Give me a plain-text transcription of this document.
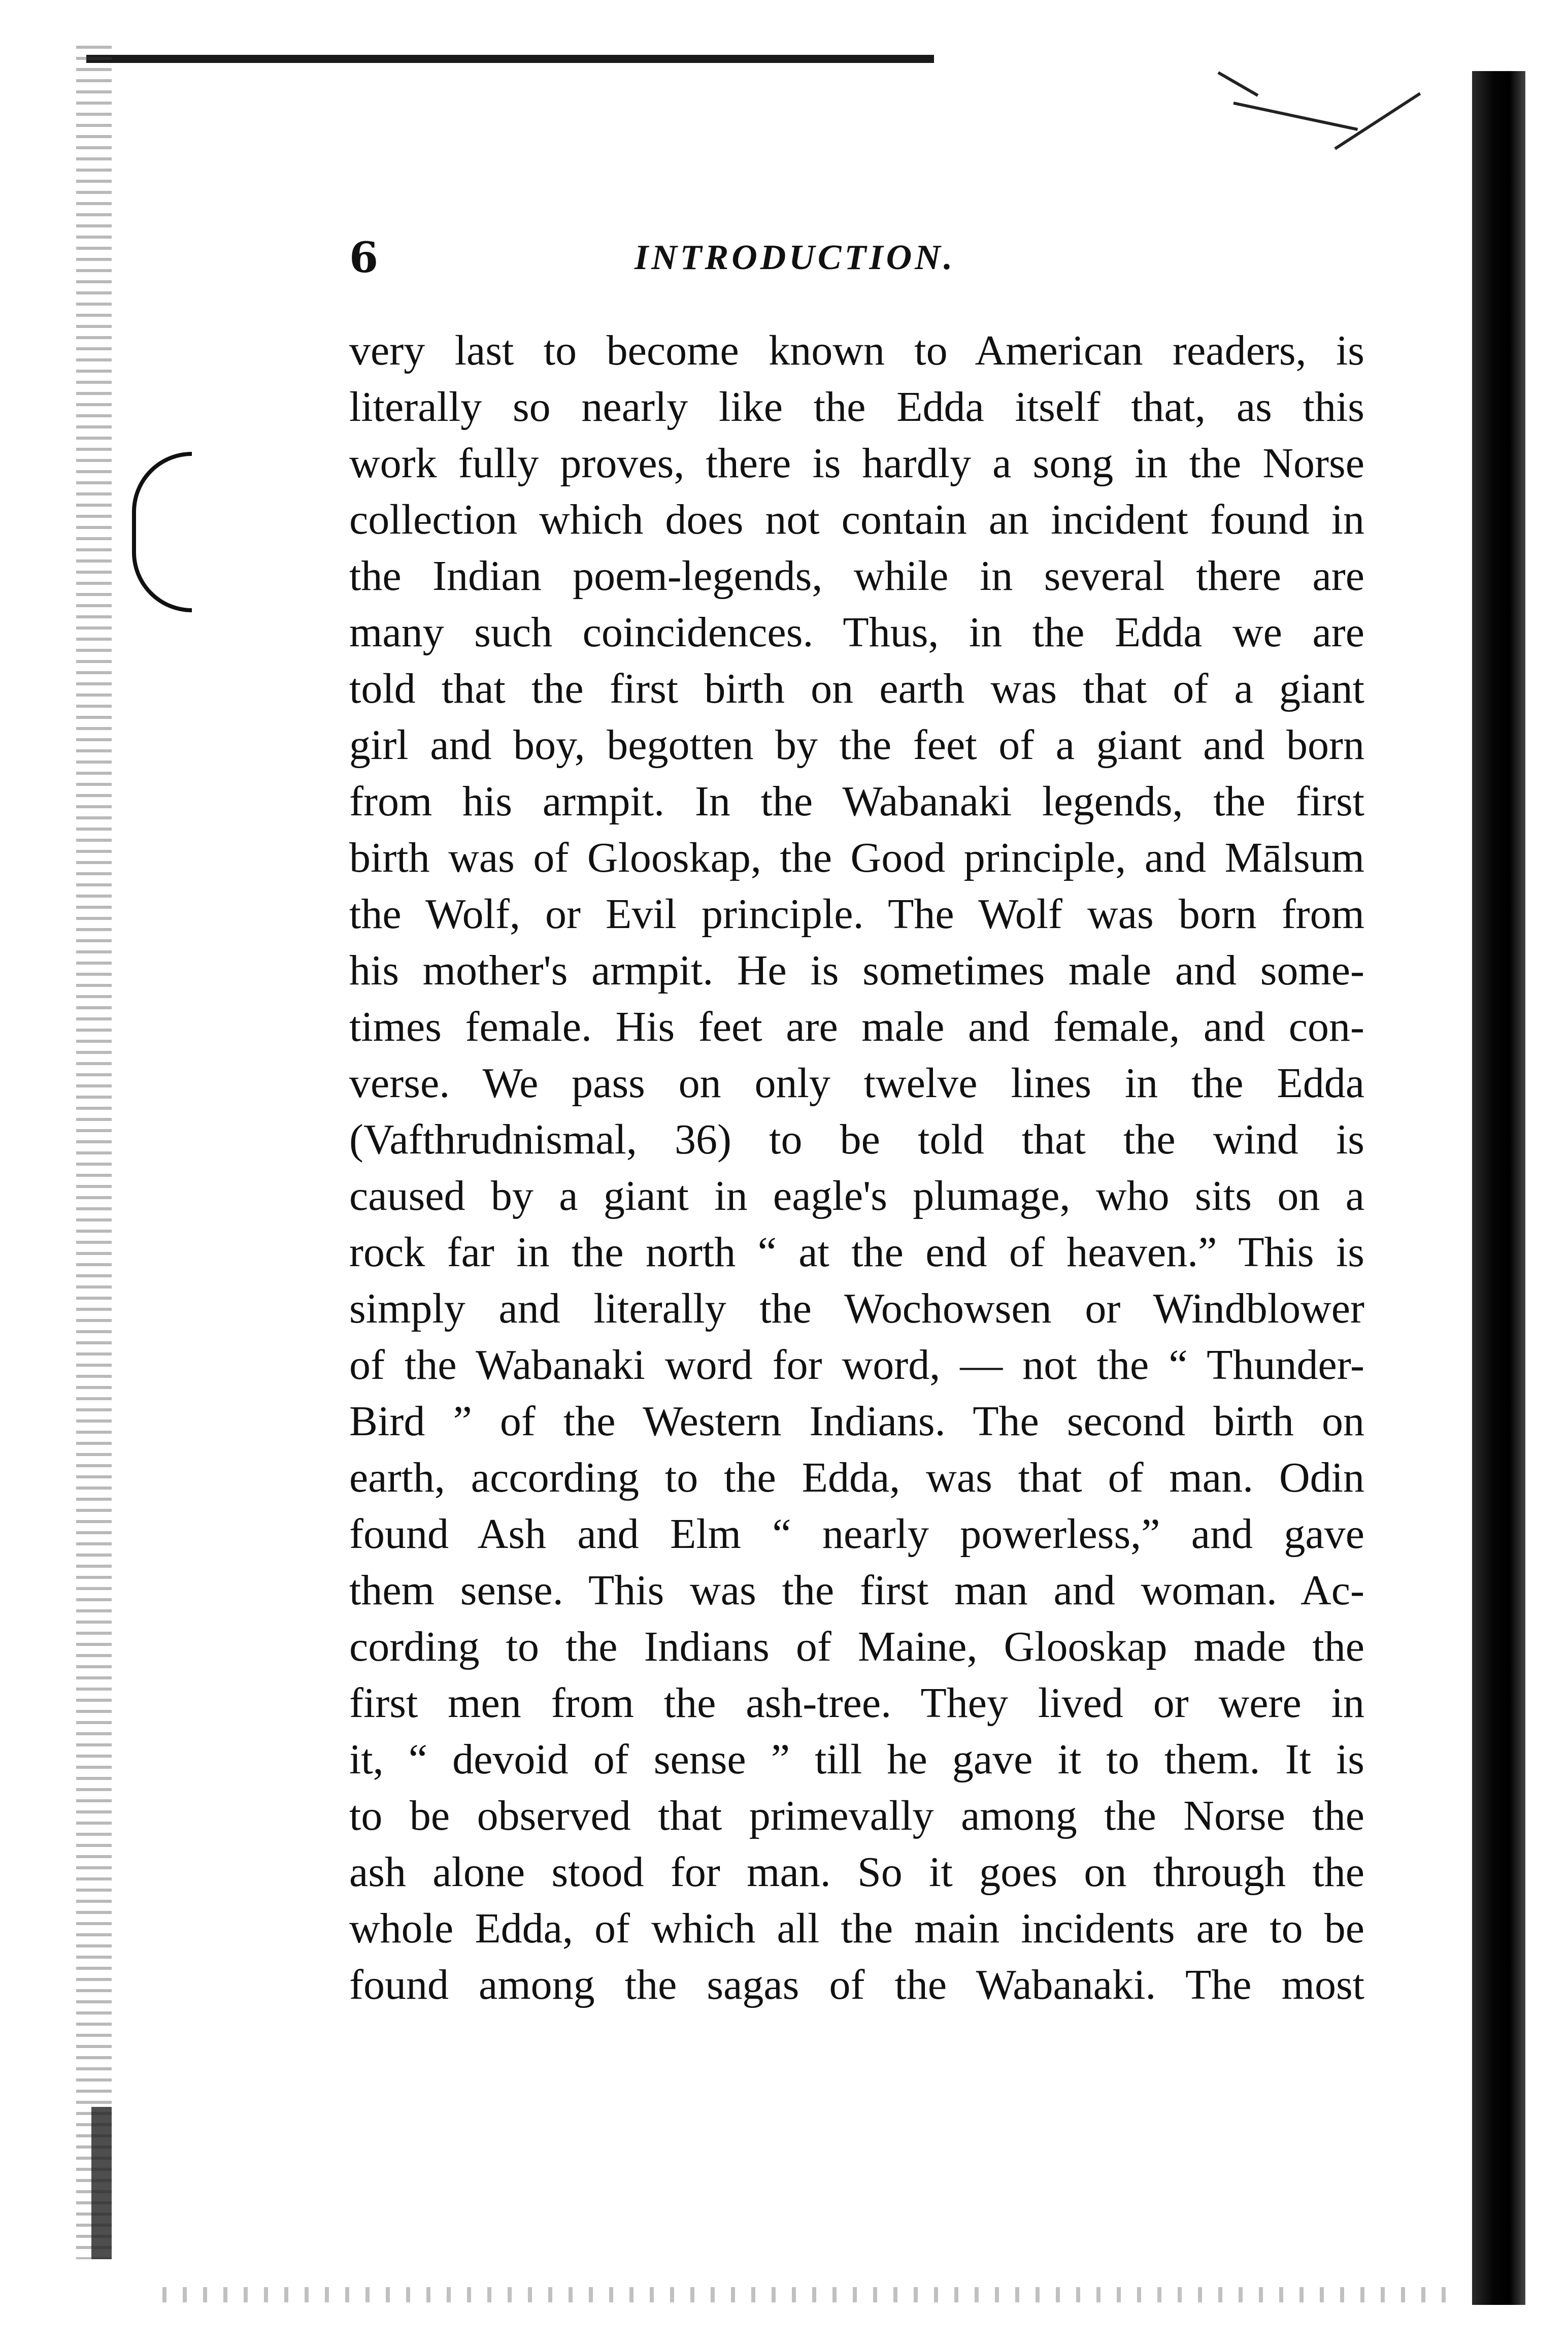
6	INTRODUCTION.
very last to become known to American readers, is
literally so nearly like the Edda itself that, as this
work fully proves, there is hardly a song in the Norse
collection which does not contain an incident found in
the Indian poem-legends, while in several there are
many such coincidences. Thus, in the Edda we are
told that the first birth on earth was that of a giant
girl and boy, begotten by the feet of a giant and born
from his armpit. In the Wabanaki legends, the first
birth was of Glooskap, the Good principle, and Mālsum
the Wolf, or Evil principle. The Wolf was born from
his mother's armpit. He is sometimes male and some-
times female. His feet are male and female, and con-
verse. We pass on only twelve lines in the Edda
(Vafthrudnismal, 36) to be told that the wind is
caused by a giant in eagle's plumage, who sits on a
rock far in the north “ at the end of heaven.” This is
simply and literally the Wochowsen or Windblower
of the Wabanaki word for word, — not the “ Thunder-
Bird ” of the Western Indians. The second birth on
earth, according to the Edda, was that of man. Odin
found Ash and Elm “ nearly powerless,” and gave
them sense. This was the first man and woman. Ac-
cording to the Indians of Maine, Glooskap made the
first men from the ash-tree. They lived or were in
it, “ devoid of sense ” till he gave it to them. It is
to be observed that primevally among the Norse the
ash alone stood for man. So it goes on through the
whole Edda, of which all the main incidents are to be
found among the sagas of the Wabanaki. The most
